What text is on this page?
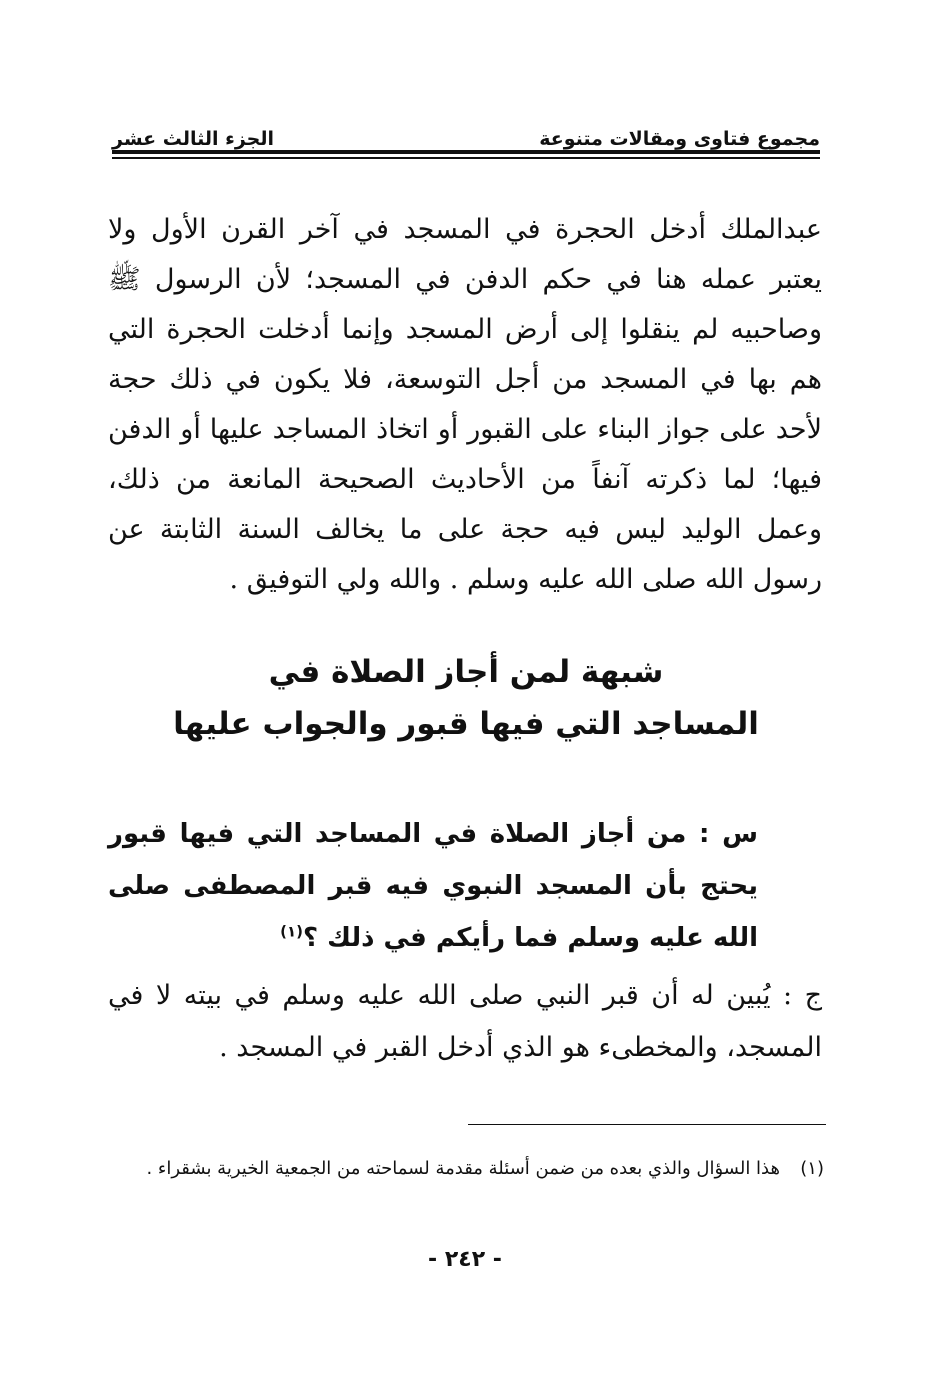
مجموع فتاوى ومقالات متنوعة
الجزء الثالث عشر

عبدالملك أدخل الحجرة في المسجد في آخر القرن الأول ولا يعتبر عمله هنا في حكم الدفن في المسجد؛ لأن الرسول ﷺ وصاحبيه لم ينقلوا إلى أرض المسجد وإنما أدخلت الحجرة التي هم بها في المسجد من أجل التوسعة، فلا يكون في ذلك حجة لأحد على جواز البناء على القبور أو اتخاذ المساجد عليها أو الدفن فيها؛ لما ذكرته آنفاً من الأحاديث الصحيحة المانعة من ذلك، وعمل الوليد ليس فيه حجة على ما يخالف السنة الثابتة عن رسول الله صلى الله عليه وسلم . والله ولي التوفيق .

شبهة لمن أجاز الصلاة في
المساجد التي فيها قبور والجواب عليها

س : من أجاز الصلاة في المساجد التي فيها قبور يحتج بأن المسجد النبوي فيه قبر المصطفى صلى الله عليه وسلم فما رأيكم في ذلك ؟$^{(١)}$

ج : يُبين له أن قبر النبي صلى الله عليه وسلم في بيته لا في المسجد، والمخطىء هو الذي أدخل القبر في المسجد .

(١)
هذا السؤال والذي بعده من ضمن أسئلة مقدمة لسماحته من الجمعية الخيرية بشقراء .
- ٢٤٢ -
